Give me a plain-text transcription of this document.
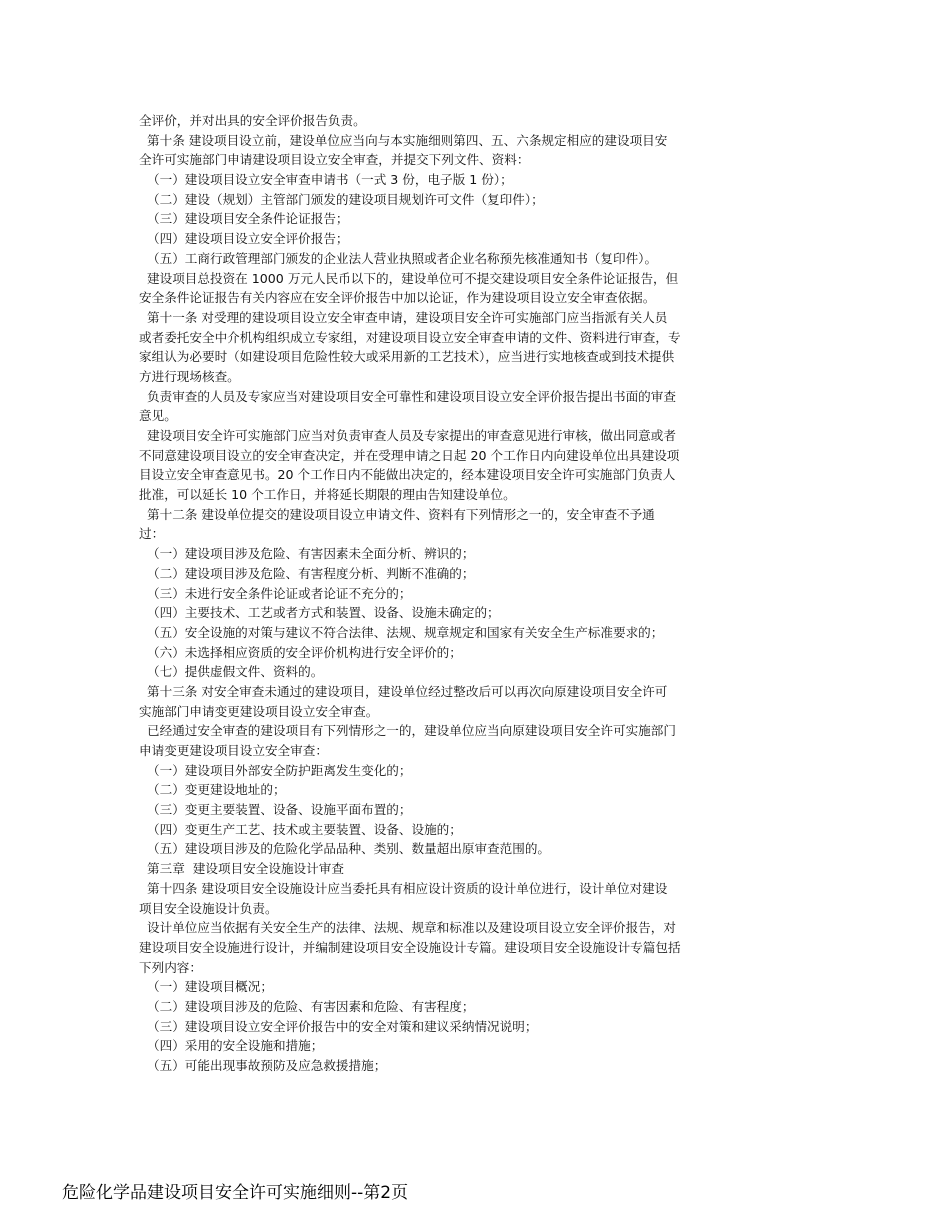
全评价，并对出具的安全评价报告负责。
第十条 建设项目设立前，建设单位应当向与本实施细则第四、五、六条规定相应的建设项目安
全许可实施部门申请建设项目设立安全审查，并提交下列文件、资料：
（一）建设项目设立安全审查申请书（一式 3 份，电子版 1 份）；
（二）建设（规划）主管部门颁发的建设项目规划许可文件（复印件）；
（三）建设项目安全条件论证报告；
（四）建设项目设立安全评价报告；
（五）工商行政管理部门颁发的企业法人营业执照或者企业名称预先核准通知书（复印件）。
建设项目总投资在 1000 万元人民币以下的，建设单位可不提交建设项目安全条件论证报告，但
安全条件论证报告有关内容应在安全评价报告中加以论证，作为建设项目设立安全审查依据。
第十一条 对受理的建设项目设立安全审查申请，建设项目安全许可实施部门应当指派有关人员
或者委托安全中介机构组织成立专家组，对建设项目设立安全审查申请的文件、资料进行审查，专
家组认为必要时（如建设项目危险性较大或采用新的工艺技术），应当进行实地核查或到技术提供
方进行现场核查。
负责审查的人员及专家应当对建设项目安全可靠性和建设项目设立安全评价报告提出书面的审查
意见。
建设项目安全许可实施部门应当对负责审查人员及专家提出的审查意见进行审核，做出同意或者
不同意建设项目设立的安全审查决定，并在受理申请之日起 20 个工作日内向建设单位出具建设项
目设立安全审查意见书。20 个工作日内不能做出决定的，经本建设项目安全许可实施部门负责人
批准，可以延长 10 个工作日，并将延长期限的理由告知建设单位。
第十二条 建设单位提交的建设项目设立申请文件、资料有下列情形之一的，安全审查不予通
过：
（一）建设项目涉及危险、有害因素未全面分析、辨识的；
（二）建设项目涉及危险、有害程度分析、判断不准确的；
（三）未进行安全条件论证或者论证不充分的；
（四）主要技术、工艺或者方式和装置、设备、设施未确定的；
（五）安全设施的对策与建议不符合法律、法规、规章规定和国家有关安全生产标准要求的；
（六）未选择相应资质的安全评价机构进行安全评价的；
（七）提供虚假文件、资料的。
第十三条 对安全审查未通过的建设项目，建设单位经过整改后可以再次向原建设项目安全许可
实施部门申请变更建设项目设立安全审查。
已经通过安全审查的建设项目有下列情形之一的，建设单位应当向原建设项目安全许可实施部门
申请变更建设项目设立安全审查：
（一）建设项目外部安全防护距离发生变化的；
（二）变更建设地址的；
（三）变更主要装置、设备、设施平面布置的；
（四）变更生产工艺、技术或主要装置、设备、设施的；
（五）建设项目涉及的危险化学品品种、类别、数量超出原审查范围的。
第三章  建设项目安全设施设计审查
第十四条 建设项目安全设施设计应当委托具有相应设计资质的设计单位进行，设计单位对建设
项目安全设施设计负责。
设计单位应当依据有关安全生产的法律、法规、规章和标准以及建设项目设立安全评价报告，对
建设项目安全设施进行设计，并编制建设项目安全设施设计专篇。建设项目安全设施设计专篇包括
下列内容：
（一）建设项目概况；
（二）建设项目涉及的危险、有害因素和危险、有害程度；
（三）建设项目设立安全评价报告中的安全对策和建议采纳情况说明；
（四）采用的安全设施和措施；
（五）可能出现事故预防及应急救援措施；
危险化学品建设项目安全许可实施细则--第2页
